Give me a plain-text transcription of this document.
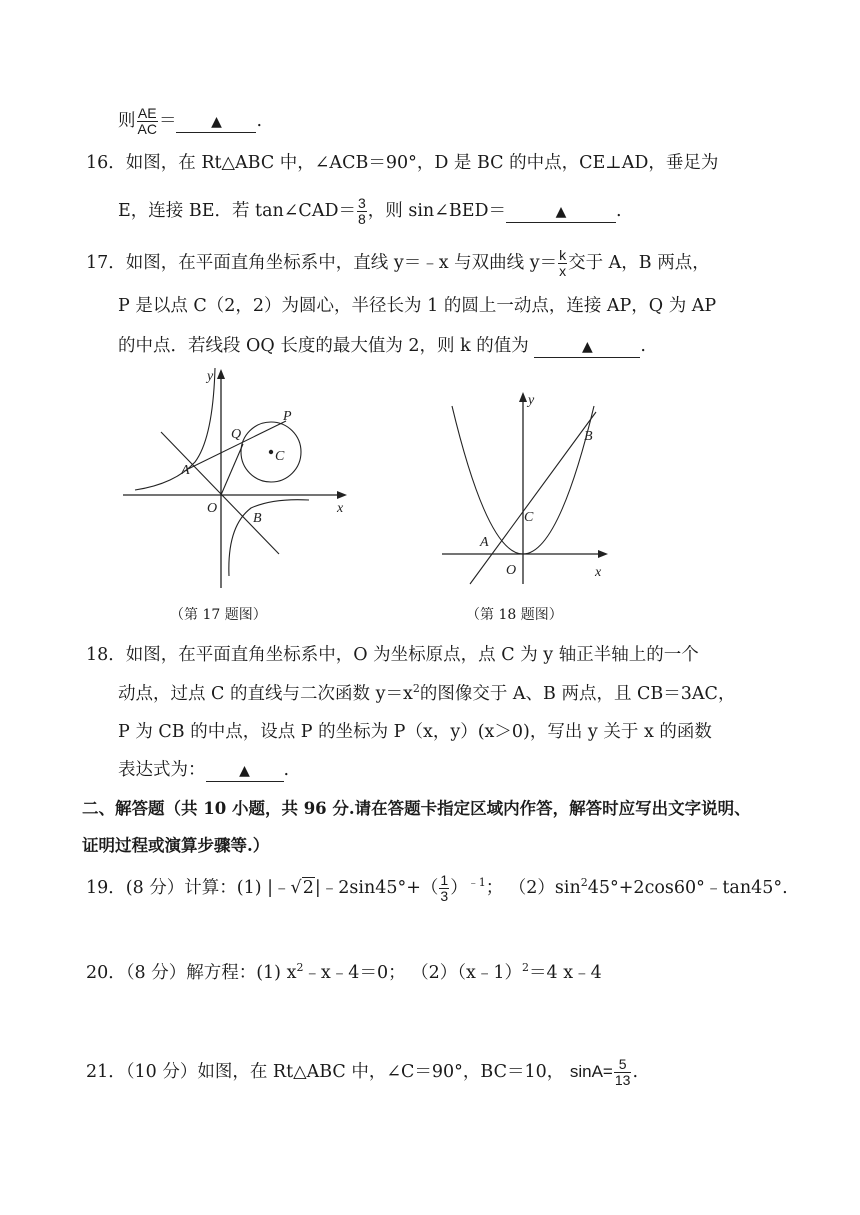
则 $\frac{AE}{AC}$ ＝ ▲ .
16．如图，在 Rt△ABC 中，∠ACB＝90°，D 是 BC 的中点，CE⊥AD，垂足为
E，连接 BE．若 tan∠CAD＝ $\frac{3}{8}$ ，则 sin∠BED＝	▲	.
17．如图，在平面直角坐标系中，直线 y＝﹣x 与双曲线 $y= \frac{k}{x}$ 交于 A，B 两点，
P 是以点 C（2，2）为圆心，半径长为 1 的圆上一动点，连接 AP，Q 为 AP
的中点．若线段 OQ 长度的最大值为 2，则 k 的值为	▲	.
y
x
O
A
B
C
P
Q
（第 17 题图）
y
x
O
A
B
C
（第 18 题图）
18．如图，在平面直角坐标系中，O 为坐标原点，点 C 为 y 轴正半轴上的一个
动点，过点 C 的直线与二次函数 $y=x^2$的图像交于 A、B 两点，且 CB＝3AC，
P 为 CB 的中点，设点 P 的坐标为 P（x，y）(x＞0)，写出 y 关于 x 的函数
表达式为： ▲ .
二、解答题（共 10 小题，共 96 分.请在答题卡指定区域内作答，解答时应写出文字说明、
证明过程或演算步骤等.）
19．(8 分）计算：(1) |﹣√2|﹣2sin45°+（ $\frac{1}{3} )^{﹣1}$； $(2)\sin^245^\circ+2\cos 60^\circ﹣\tan 45^\circ$.
20．（8 分）解方程：(1) $x^2﹣x﹣4=0$； （2）（x﹣1）$^2$＝4 x﹣4
21．（10 分）如图，在 Rt△ABC 中，∠C＝90°，BC＝10， $\sin A= \frac{5}{13}$ .
